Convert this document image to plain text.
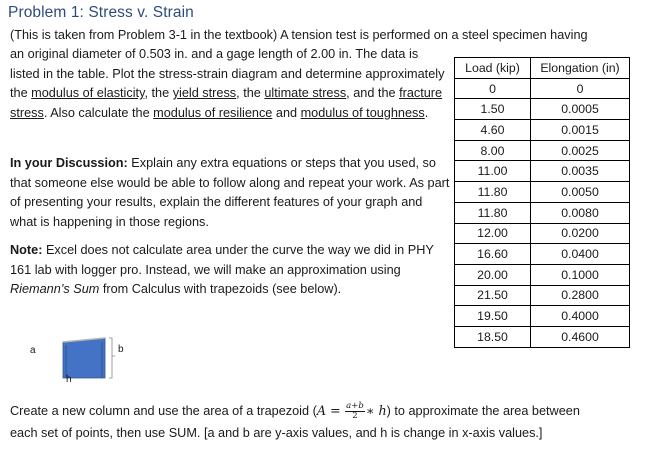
Problem 1: Stress v. Strain
(This is taken from Problem 3-1 in the textbook) A tension test is performed on a steel specimen having
an original diameter of 0.503 in. and a gage length of 2.00 in. The data is listed in the table. Plot the stress-strain diagram and determine approximately the modulus of elasticity, the yield stress, the ultimate stress, and the fracture stress. Also calculate the modulus of resilience and modulus of toughness.
In your Discussion: Explain any extra equations or steps that you used, so that someone else would be able to follow along and repeat your work. As part of presenting your results, explain the different features of your graph and what is happening in those regions.
Note: Excel does not calculate area under the curve the way we did in PHY 161 lab with logger pro. Instead, we will make an approximation using Riemann’s Sum from Calculus with trapezoids (see below).
Load (kip)	Elongation (in)
0	0
1.50	0.0005
4.60	0.0015
8.00	0.0025
11.00	0.0035
11.80	0.0050
11.80	0.0080
12.00	0.0200
16.60	0.0400
20.00	0.1000
21.50	0.2800
19.50	0.4000
18.50	0.4600
a	b
h
Create a new column and use the area of a trapezoid ($A = \frac{a+b}{2}$ ∗ h) to approximate the area between
each set of points, then use SUM. [a and b are y-axis values, and h is change in x-axis values.]
